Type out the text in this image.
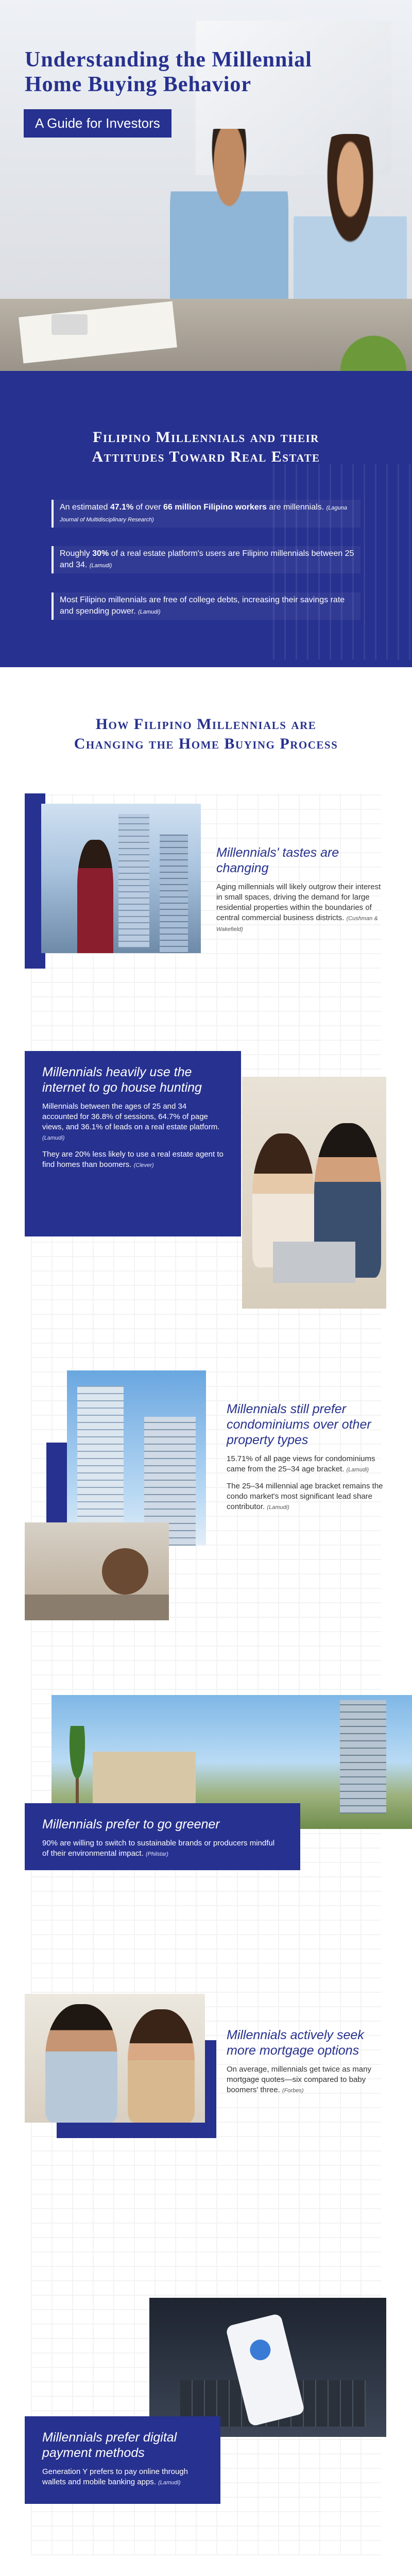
Understanding the Millennial
Home Buying Behavior
A Guide for Investors
Filipino Millennials and their
Attitudes Toward Real Estate
An estimated 47.1% of over 66 million Filipino workers are millennials. (Laguna Journal of Multidisciplinary Research)
Roughly 30% of a real estate platform's users are Filipino millennials between 25 and 34. (Lamudi)
Most Filipino millennials are free of college debts, increasing their savings rate and spending power. (Lamudi)
How Filipino Millennials are
Changing the Home Buying Process
Millennials' tastes are changing
Aging millennials will likely outgrow their interest in small spaces, driving the demand for large residential properties within the boundaries of central commercial business districts. (Cushman & Wakefield)
Millennials heavily use the internet to go house hunting
Millennials between the ages of 25 and 34 accounted for 36.8% of sessions, 64.7% of page views, and 36.1% of leads on a real estate platform. (Lamudi)
They are 20% less likely to use a real estate agent to find homes than boomers. (Clever)
Millennials still prefer condominiums over other property types
15.71% of all page views for condominiums came from the 25–34 age bracket. (Lamudi)
The 25–34 millennial age bracket remains the condo market's most significant lead share contributor. (Lamudi)
Millennials prefer to go greener
90% are willing to switch to sustainable brands or producers mindful of their environmental impact. (Philstar)
Millennials actively seek more mortgage options
On average, millennials get twice as many mortgage quotes—six compared to baby boomers' three. (Forbes)
Millennials prefer digital payment methods
Generation Y prefers to pay online through wallets and mobile banking apps. (Lamudi)
